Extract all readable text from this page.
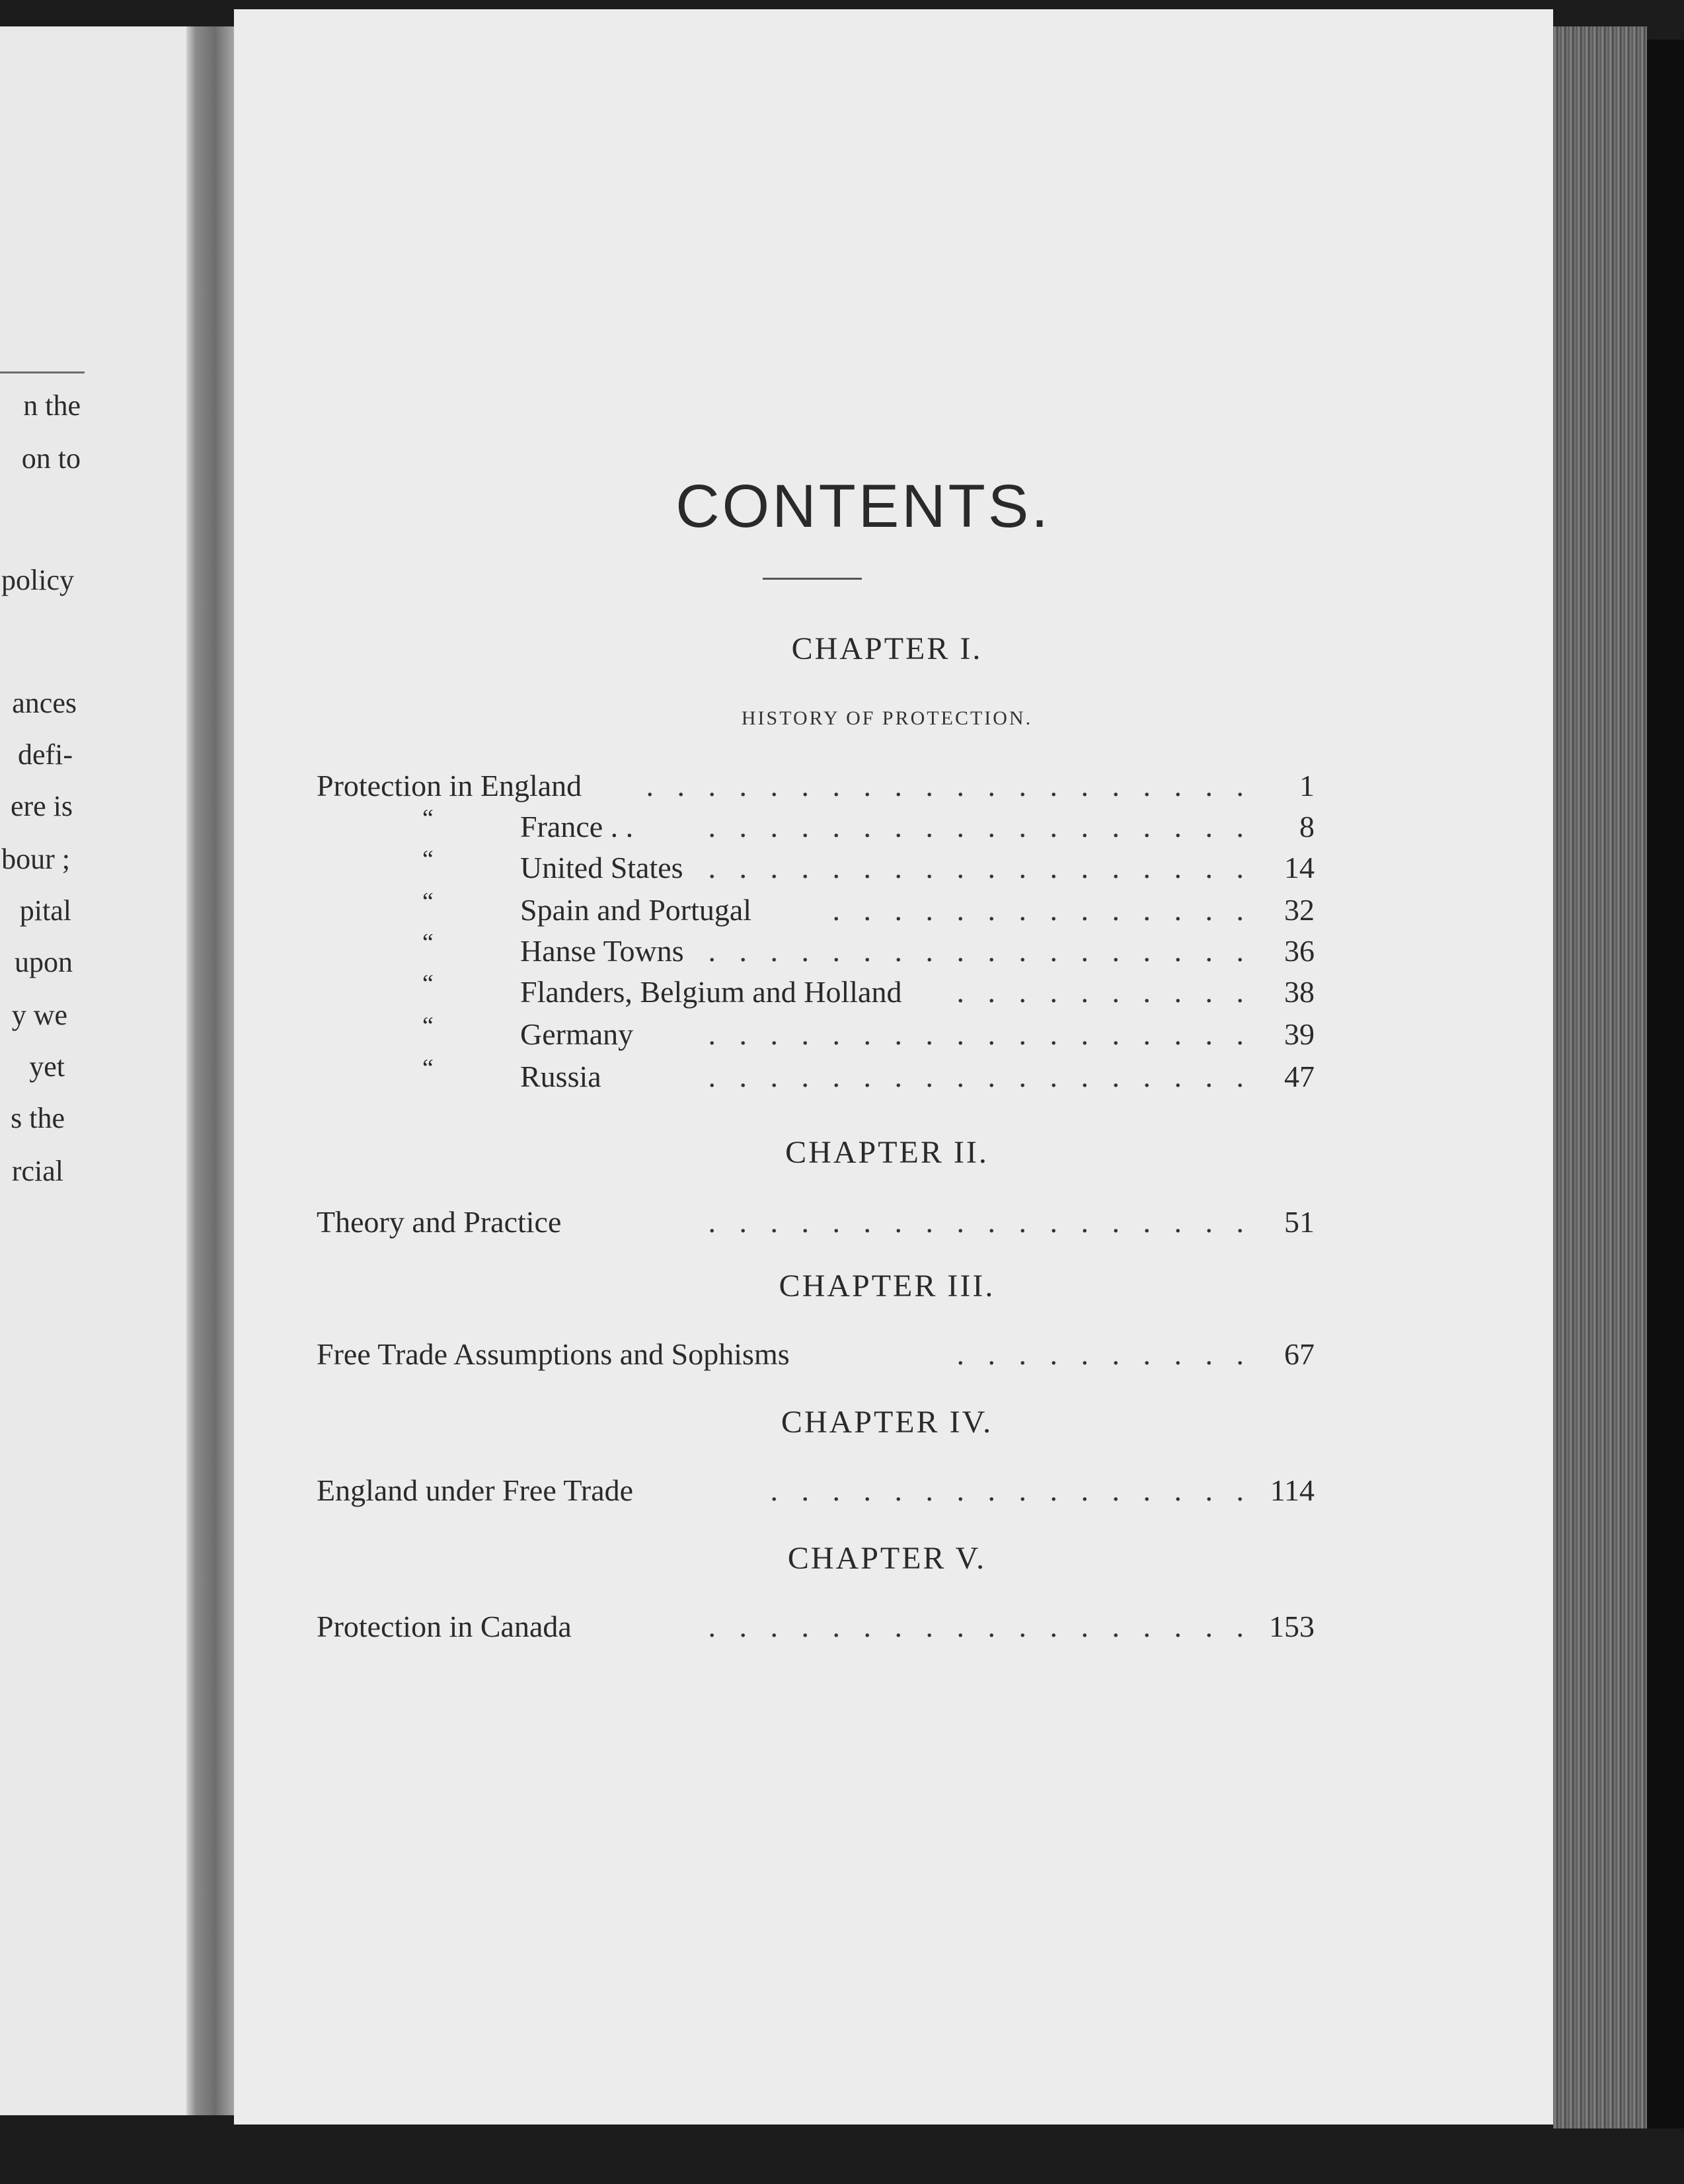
n the
on to
policy
ances
defi-
ere is
bour ;
pital
upon
y we
yet
s the
rcial
CONTENTS.
CHAPTER I.
HISTORY OF PROTECTION.
Protection in England . . . . . . . . . . . . . . . . . . . .	1
“	France . . . . . . . . . . . . . . . . . . . .	8
“	United States . . . . . . . . . . . . . . . . . .	14
“	Spain and Portugal	. . . . . . . . . . . . . .	32
“	Hanse Towns . . . . . . . . . . . . . . . . . .	36
“	Flanders, Belgium and Holland . . . . . . . . . .	38
“	Germany . . . . . . . . . . . . . . . . . .	39
“	Russia	. . . . . . . . . . . . . . . . . .	47
CHAPTER II.
Theory and Practice	. . . . . . . . . . . . . . . . . .	51
CHAPTER III.
Free Trade Assumptions and Sophisms	. . . . . . . . . .	67
CHAPTER IV.
England under Free Trade	. . . . . . . . . . . . . . . . 114
CHAPTER V.
Protection in Canada	. . . . . . . . . . . . . . . . . . 153
